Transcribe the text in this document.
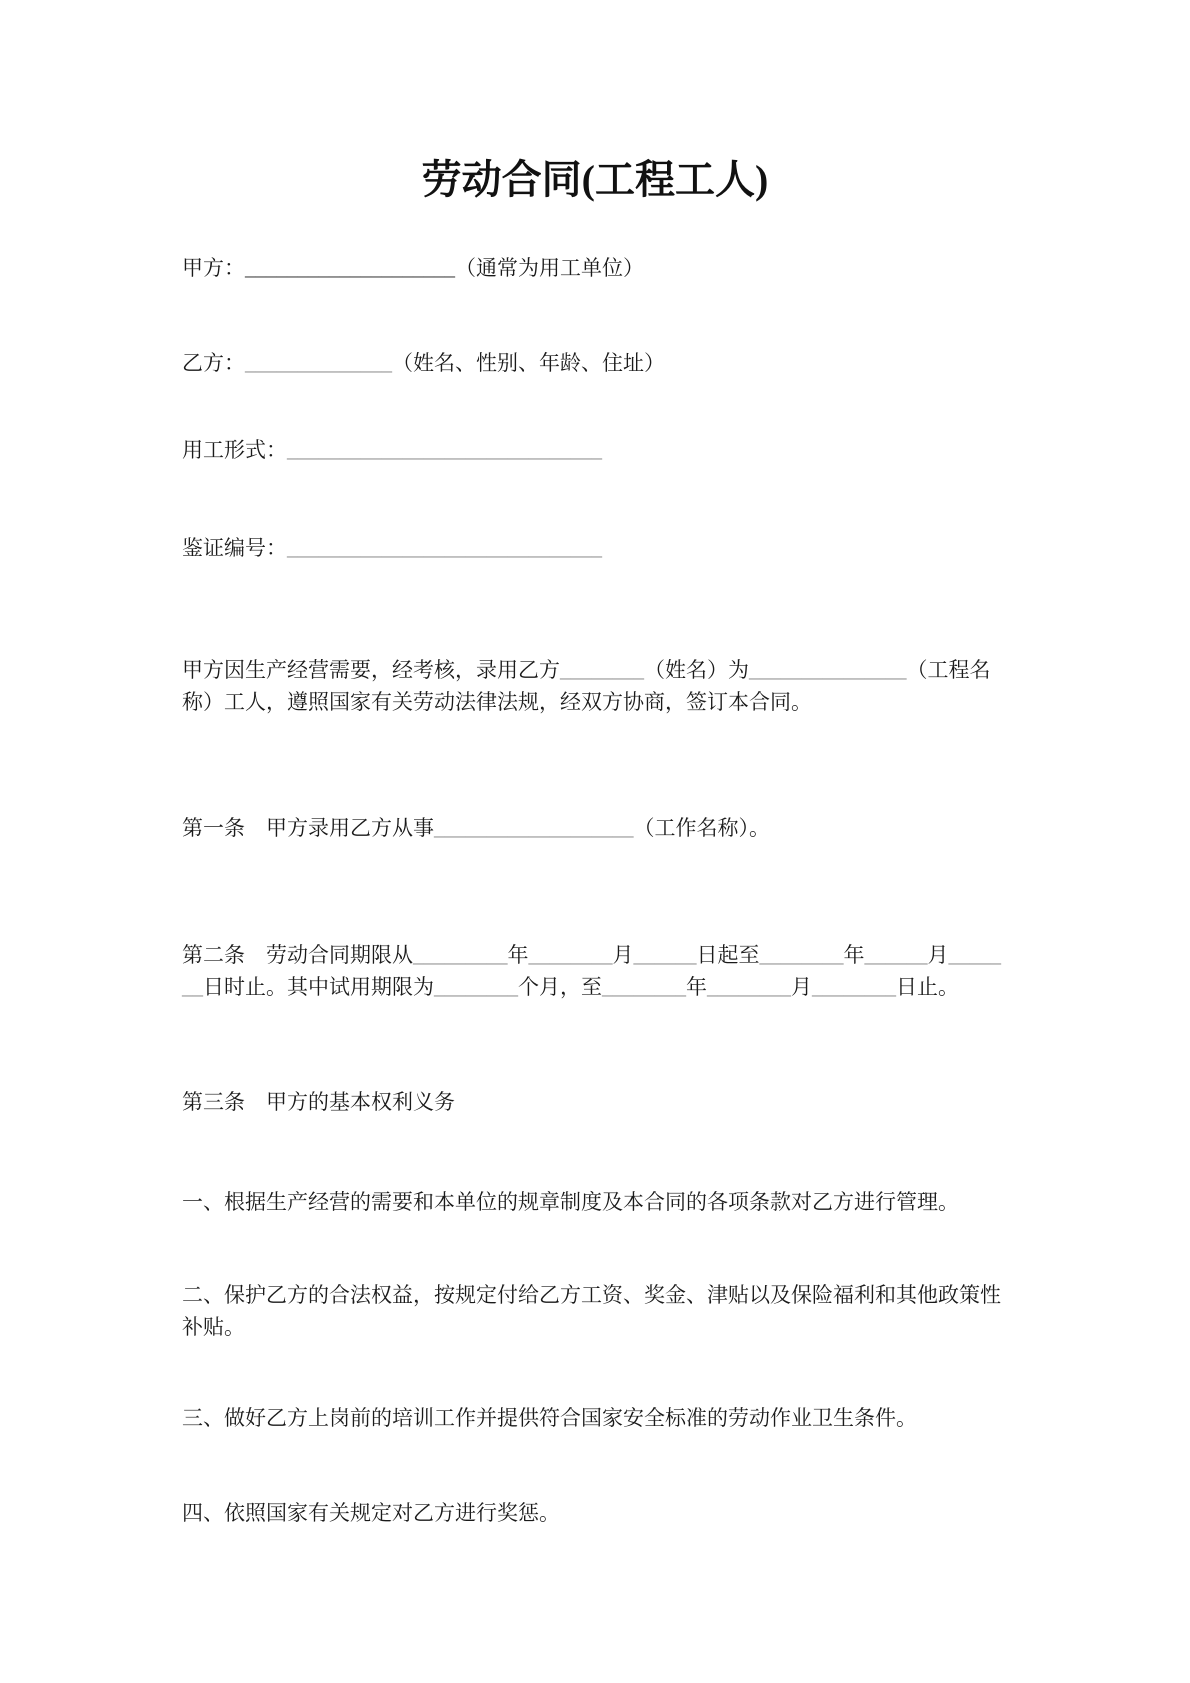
劳动合同(工程工人)
甲方：____________________（通常为用工单位）
乙方：______________（姓名、性别、年龄、住址）
用工形式：______________________________
鉴证编号：______________________________
甲方因生产经营需要，经考核，录用乙方________（姓名）为_______________（工程名
称）工人，遵照国家有关劳动法律法规，经双方协商，签订本合同。
第一条　甲方录用乙方从事___________________（工作名称）。
第二条　劳动合同期限从_________年________月______日起至________年______月_____
__日时止。其中试用期限为________个月，至________年________月________日止。
第三条　甲方的基本权利义务
一、根据生产经营的需要和本单位的规章制度及本合同的各项条款对乙方进行管理。
二、保护乙方的合法权益，按规定付给乙方工资、奖金、津贴以及保险福利和其他政策性
补贴。
三、做好乙方上岗前的培训工作并提供符合国家安全标准的劳动作业卫生条件。
四、依照国家有关规定对乙方进行奖惩。
